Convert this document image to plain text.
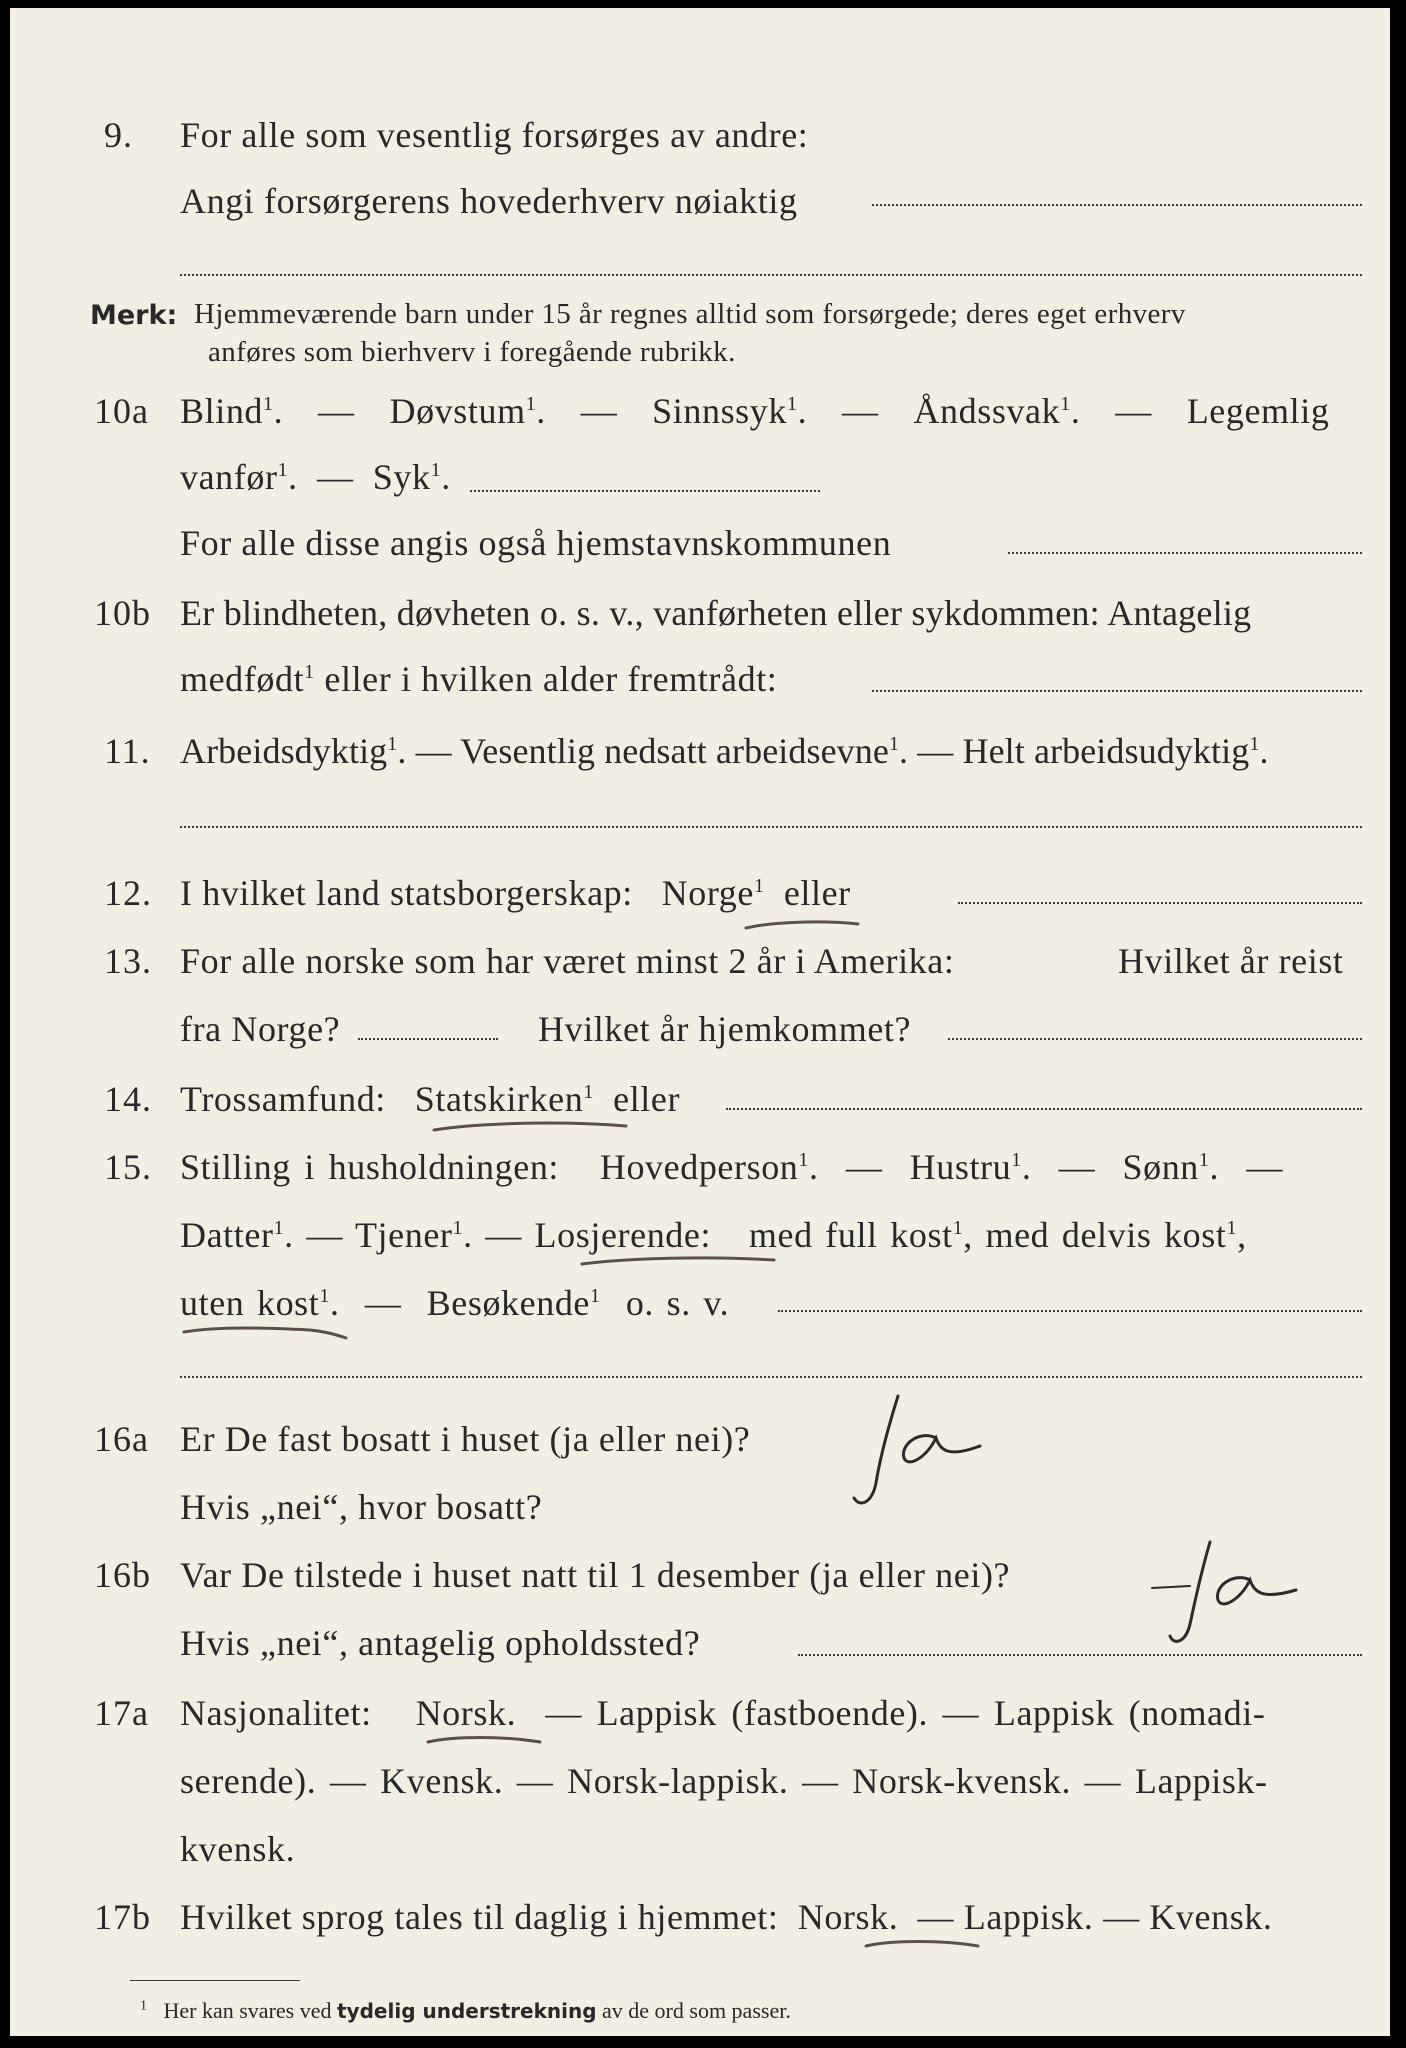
9. For alle som vesentlig forsørges av andre:
Angi forsørgerens hovederhverv nøiaktig
Merk: Hjemmeværende barn under 15 år regnes alltid som forsørgede; deres eget erhverv
anføres som bierhverv i foregående rubrikk.
10a Blind$^1$. — Døvstum$^1$. — Sinnssyk$^1$. — Åndssvak$^1$. — Legemlig
vanfør$^1$. — Syk$^1$.
For alle disse angis også hjemstavnskommunen
10b Er blindheten, døvheten o. s. v., vanførheten eller sykdommen: Antagelig
medfødt$^1$ eller i hvilken alder fremtrådt:
11. Arbeidsdyktig$^1$. — Vesentlig nedsatt arbeidsevne$^1$. — Helt arbeidsudyktig$^1$.
12. I hvilket land statsborgerskap: Norge$^1$ eller
13. For alle norske som har været minst 2 år i Amerika:	Hvilket år reist
fra Norge?	Hvilket år hjemkommet?
14. Trossamfund: Statskirken$^1$ eller
15. Stilling i husholdningen: Hovedperson$^1$. — Hustru$^1$. — Sønn$^1$. —
Datter$^1$. — Tjener$^1$. — Losjerende:   med full kost$^1$, med delvis kost$^1$,
uten kost$^1$. — Besøkende$^1$ o. s. v.
16a Er De fast bosatt i huset (ja eller nei)?
Ja
Hvis „nei“, hvor bosatt?
16b Var De tilstede i huset natt til 1 desember (ja eller nei)?
Ja
Hvis „nei“, antagelig opholdssted?
17a Nasjonalitet: Norsk. — Lappisk (fastboende). — Lappisk (nomadi-
serende). — Kvensk. — Norsk-lappisk. — Norsk-kvensk. — Lappisk-
kvensk.
17b Hvilket sprog tales til daglig i hjemmet: Norsk. — Lappisk. — Kvensk.
$^1$ Her kan svares ved tydelig understrekning av de ord som passer.
